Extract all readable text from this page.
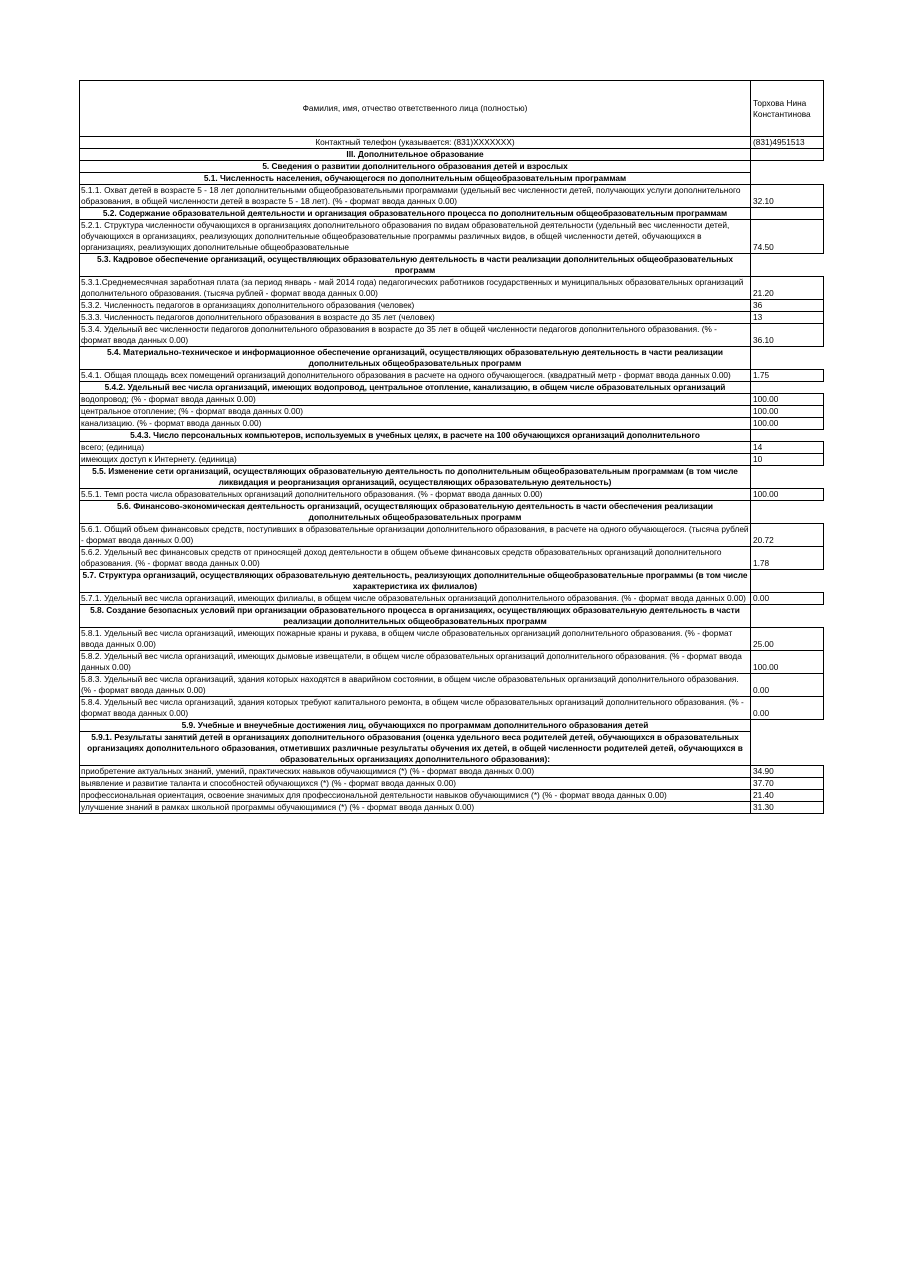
Фамилия, имя, отчество ответственного лица (полностью)	Торхова Нина Константинова
Контактный телефон (указывается: (831)XXXXXXX)	(831)4951513
III. Дополнительное образование	
5. Сведения о развитии дополнительного образования детей и взрослых	
5.1. Численность населения, обучающегося по дополнительным общеобразовательным программам	
5.1.1. Охват детей в возрасте 5 - 18 лет дополнительными общеобразовательными программами (удельный вес численности детей, получающих услуги дополнительного образования, в общей численности детей в возрасте 5 - 18 лет). (% - формат ввода данных 0.00)	32.10
5.2. Содержание образовательной деятельности и организация образовательного процесса по дополнительным общеобразовательным программам	
5.2.1. Структура численности обучающихся в организациях дополнительного образования по видам образовательной деятельности (удельный вес численности детей, обучающихся в организациях, реализующих дополнительные общеобразовательные программы различных видов, в общей численности детей, обучающихся в организациях, реализующих дополнительные общеобразовательные	74.50
5.3. Кадровое обеспечение организаций, осуществляющих образовательную деятельность в части реализации дополнительных общеобразовательных программ	
5.3.1.Среднемесячная заработная плата (за период январь - май 2014 года) педагогических работников государственных и муниципальных образовательных организаций дополнительного образования. (тысяча рублей - формат ввода данных 0.00)	21.20
5.3.2. Численность педагогов в организациях дополнительного образования (человек)	36
5.3.3. Численность педагогов дополнительного образования в возрасте до 35 лет (человек)	13
5.3.4. Удельный вес численности педагогов дополнительного образования в возрасте до 35 лет в общей численности педагогов дополнительного образования. (% - формат ввода данных 0.00)	36.10
5.4. Материально-техническое и информационное обеспечение организаций, осуществляющих образовательную деятельность в части реализации дополнительных общеобразовательных программ	
5.4.1. Общая площадь всех помещений организаций дополнительного образования в расчете на одного обучающегося. (квадратный метр - формат ввода данных 0.00)	1.75
5.4.2. Удельный вес числа организаций, имеющих водопровод, центральное отопление, канализацию, в общем числе образовательных организаций	
водопровод; (% - формат ввода данных 0.00)	100.00
центральное отопление; (% - формат ввода данных 0.00)	100.00
канализацию. (% - формат ввода данных 0.00)	100.00
5.4.3. Число персональных компьютеров, используемых в учебных целях, в расчете на 100 обучающихся организаций дополнительного	
всего; (единица)	14
имеющих доступ к Интернету. (единица)	10
5.5. Изменение сети организаций, осуществляющих образовательную деятельность по дополнительным общеобразовательным программам (в том числе ликвидация и реорганизация организаций, осуществляющих образовательную деятельность)	
5.5.1. Темп роста числа образовательных организаций дополнительного образования. (% - формат ввода данных 0.00)	100.00
5.6. Финансово-экономическая деятельность организаций, осуществляющих образовательную деятельность в части обеспечения реализации дополнительных общеобразовательных программ	
5.6.1. Общий объем финансовых средств, поступивших в образовательные организации дополнительного образования, в расчете на одного обучающегося. (тысяча рублей - формат ввода данных 0.00)	20.72
5.6.2. Удельный вес финансовых средств от приносящей доход деятельности в общем объеме финансовых средств образовательных организаций дополнительного образования. (% - формат ввода данных 0.00)	1.78
5.7. Структура организаций, осуществляющих образовательную деятельность, реализующих дополнительные общеобразовательные программы (в том числе характеристика их филиалов)	
5.7.1. Удельный вес числа организаций, имеющих филиалы, в общем числе образовательных организаций дополнительного образования. (% - формат ввода данных 0.00)	0.00
5.8. Создание безопасных условий при организации образовательного процесса в организациях, осуществляющих образовательную деятельность в части реализации дополнительных общеобразовательных программ	
5.8.1. Удельный вес числа организаций, имеющих пожарные краны и рукава, в общем числе образовательных организаций дополнительного образования. (% - формат ввода данных 0.00)	25.00
5.8.2. Удельный вес числа организаций, имеющих дымовые извещатели, в общем числе образовательных организаций дополнительного образования. (% - формат ввода данных 0.00)	100.00
5.8.3. Удельный вес числа организаций, здания которых находятся в аварийном состоянии, в общем числе образовательных организаций дополнительного образования. (% - формат ввода данных 0.00)	0.00
5.8.4. Удельный вес числа организаций, здания которых требуют капитального ремонта, в общем числе образовательных организаций дополнительного образования. (% - формат ввода данных 0.00)	0.00
5.9. Учебные и внеучебные достижения лиц, обучающихся по программам дополнительного образования детей	
5.9.1. Результаты занятий детей в организациях дополнительного образования (оценка удельного веса родителей детей, обучающихся в образовательных организациях дополнительного образования, отметивших различные результаты обучения их детей, в общей численности родителей детей, обучающихся в образовательных организациях дополнительного образования):	
приобретение актуальных знаний, умений, практических навыков обучающимися (*) (% - формат ввода данных 0.00)	34.90
выявление и развитие таланта и способностей обучающихся (*) (% - формат ввода данных 0.00)	37.70
профессиональная ориентация, освоение значимых для профессиональной деятельности навыков обучающимися (*) (% - формат ввода данных 0.00)	21.40
улучшение знаний в рамках школьной программы обучающимися (*) (% - формат ввода данных 0.00)	31.30
